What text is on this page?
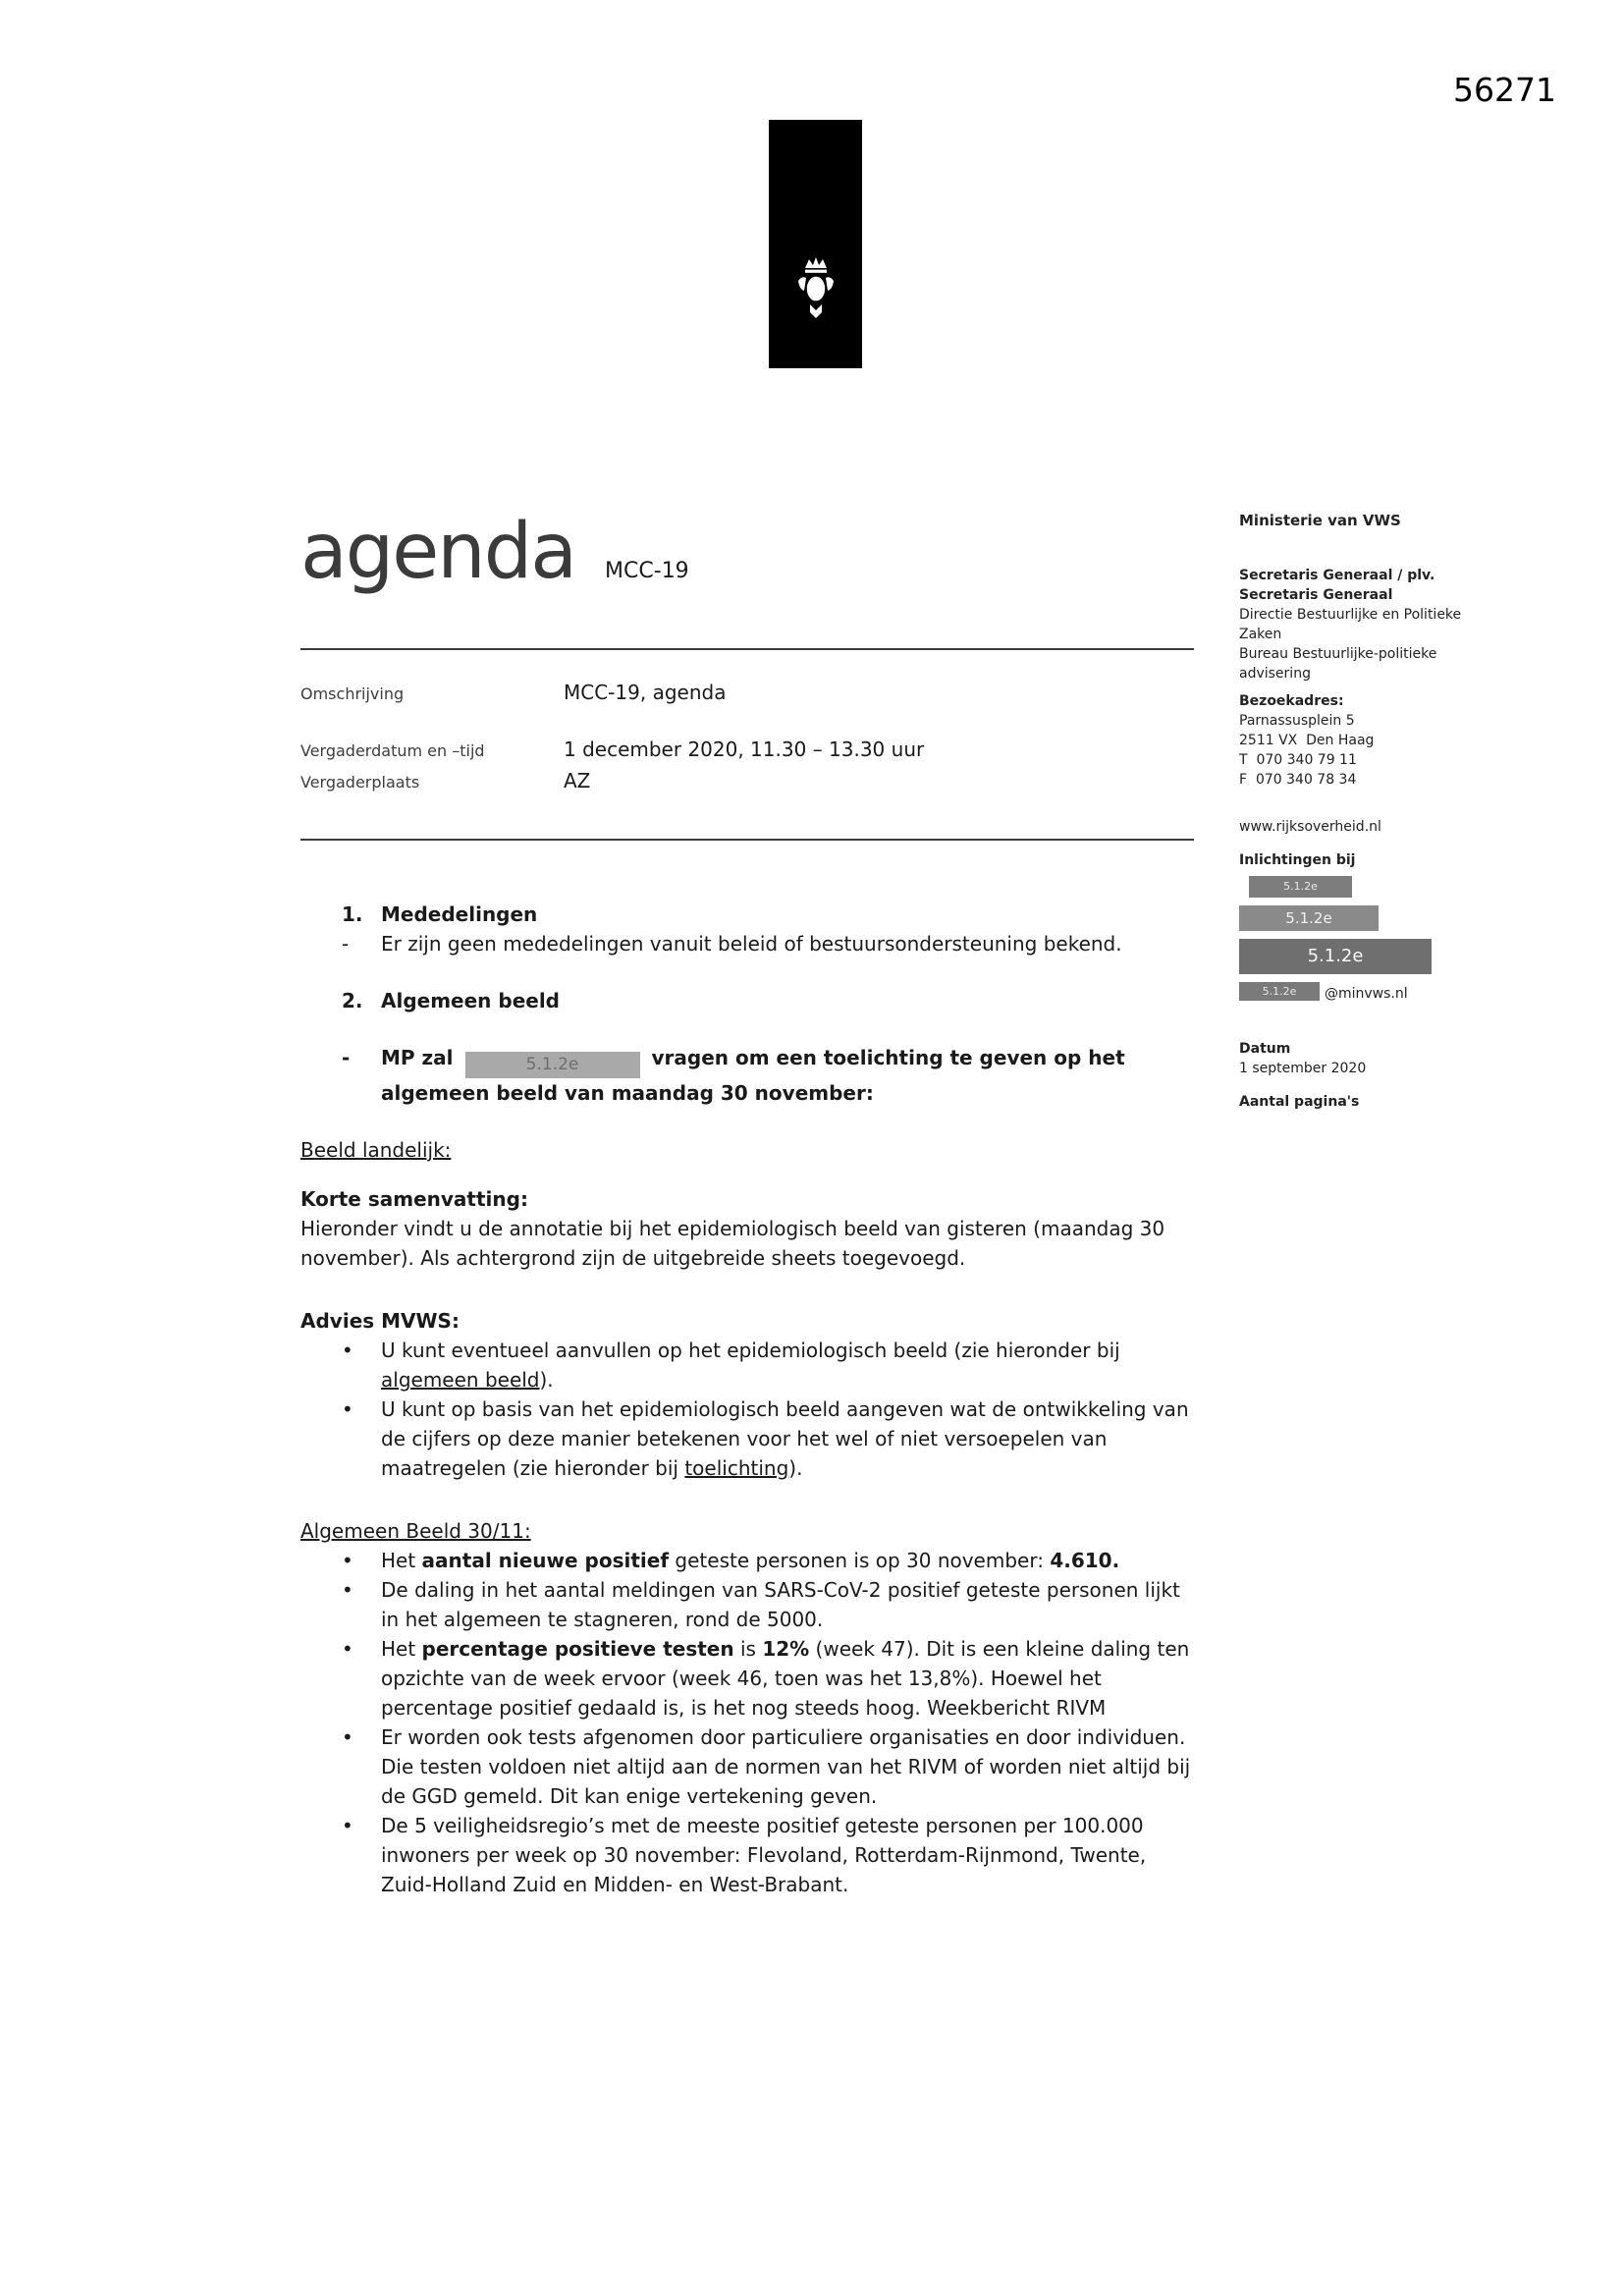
56271
agenda MCC-19
Omschrijving	MCC-19, agenda
Vergaderdatum en –tijd	1 december 2020, 11.30 – 13.30 uur
Vergaderplaats	AZ
1. Mededelingen
-	Er zijn geen mededelingen vanuit beleid of bestuursondersteuning bekend.
2. Algemeen beeld
-	MP zal	5.1.2e	vragen om een toelichting te geven op het algemeen beeld van maandag 30 november:
Beeld landelijk:
Korte samenvatting:
Hieronder vindt u de annotatie bij het epidemiologisch beeld van gisteren (maandag 30 november). Als achtergrond zijn de uitgebreide sheets toegevoegd.
Advies MVWS:
•	U kunt eventueel aanvullen op het epidemiologisch beeld (zie hieronder bij algemeen beeld).
•	U kunt op basis van het epidemiologisch beeld aangeven wat de ontwikkeling van de cijfers op deze manier betekenen voor het wel of niet versoepelen van maatregelen (zie hieronder bij toelichting).
Algemeen Beeld 30/11:
•	Het aantal nieuwe positief geteste personen is op 30 november: 4.610.
•	De daling in het aantal meldingen van SARS-CoV-2 positief geteste personen lijkt in het algemeen te stagneren, rond de 5000.
•	Het percentage positieve testen is 12% (week 47). Dit is een kleine daling ten opzichte van de week ervoor (week 46, toen was het 13,8%). Hoewel het percentage positief gedaald is, is het nog steeds hoog. Weekbericht RIVM
•	Er worden ook tests afgenomen door particuliere organisaties en door individuen. Die testen voldoen niet altijd aan de normen van het RIVM of worden niet altijd bij de GGD gemeld. Dit kan enige vertekening geven.
•	De 5 veiligheidsregio’s met de meeste positief geteste personen per 100.000 inwoners per week op 30 november: Flevoland, Rotterdam-Rijnmond, Twente, Zuid-Holland Zuid en Midden- en West-Brabant.
Ministerie van VWS
Secretaris Generaal / plv.
Secretaris Generaal
Directie Bestuurlijke en Politieke
Zaken
Bureau Bestuurlijke-politieke
advisering
Bezoekadres:
Parnassusplein 5
2511 VX  Den Haag
T  070 340 79 11
F  070 340 78 34
www.rijksoverheid.nl
Inlichtingen bij
5.1.2e
5.1.2e
5.1.2e
5.1.2e @minvws.nl
Datum
1 september 2020
Aantal pagina's
